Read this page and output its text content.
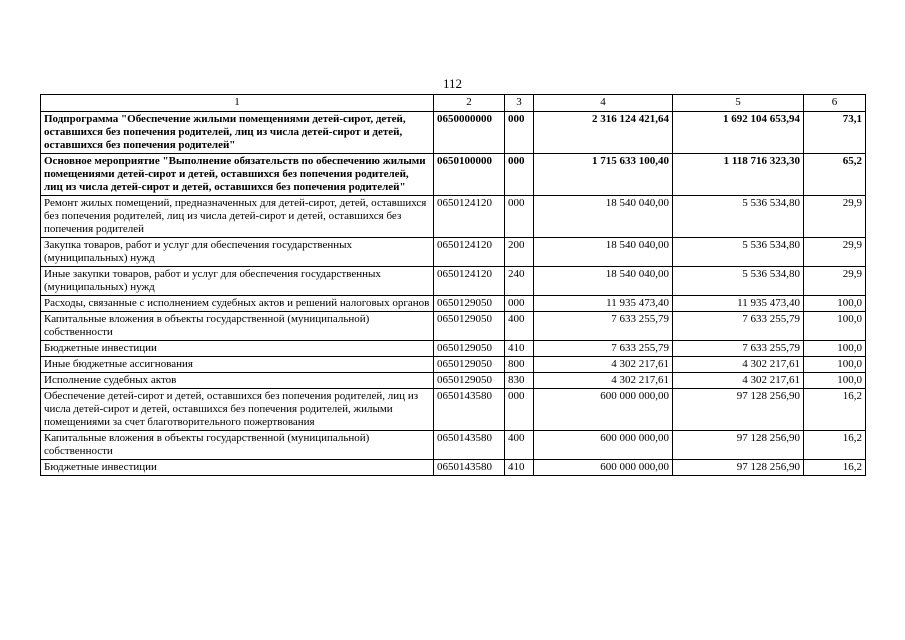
112
1	2	3	4	5	6
Подпрограмма "Обеспечение жилыми помещениями детей-сирот, детей, оставшихся без попечения родителей, лиц из числа детей-сирот и детей, оставшихся без попечения родителей"	0650000000	000	2 316 124 421,64	1 692 104 653,94	73,1
Основное мероприятие "Выполнение обязательств по обеспечению жилыми помещениями детей-сирот и детей, оставшихся без попечения родителей, лиц из числа детей-сирот и детей, оставшихся без попечения родителей"	0650100000	000	1 715 633 100,40	1 118 716 323,30	65,2
Ремонт жилых помещений, предназначенных для детей-сирот, детей, оставшихся без попечения родителей, лиц из числа детей-сирот и детей, оставшихся без попечения родителей	0650124120	000	18 540 040,00	5 536 534,80	29,9
Закупка товаров, работ и услуг для обеспечения государственных (муниципальных) нужд	0650124120	200	18 540 040,00	5 536 534,80	29,9
Иные закупки товаров, работ и услуг для обеспечения государственных (муниципальных) нужд	0650124120	240	18 540 040,00	5 536 534,80	29,9
Расходы, связанные с исполнением судебных актов и решений налоговых органов	0650129050	000	11 935 473,40	11 935 473,40	100,0
Капитальные вложения в объекты государственной (муниципальной) собственности	0650129050	400	7 633 255,79	7 633 255,79	100,0
Бюджетные инвестиции	0650129050	410	7 633 255,79	7 633 255,79	100,0
Иные бюджетные ассигнования	0650129050	800	4 302 217,61	4 302 217,61	100,0
Исполнение судебных актов	0650129050	830	4 302 217,61	4 302 217,61	100,0
Обеспечение детей-сирот и детей, оставшихся без попечения родителей, лиц из числа детей-сирот и детей, оставшихся без попечения родителей, жилыми помещениями за счет благотворительного пожертвования	0650143580	000	600 000 000,00	97 128 256,90	16,2
Капитальные вложения в объекты государственной (муниципальной) собственности	0650143580	400	600 000 000,00	97 128 256,90	16,2
Бюджетные инвестиции	0650143580	410	600 000 000,00	97 128 256,90	16,2
